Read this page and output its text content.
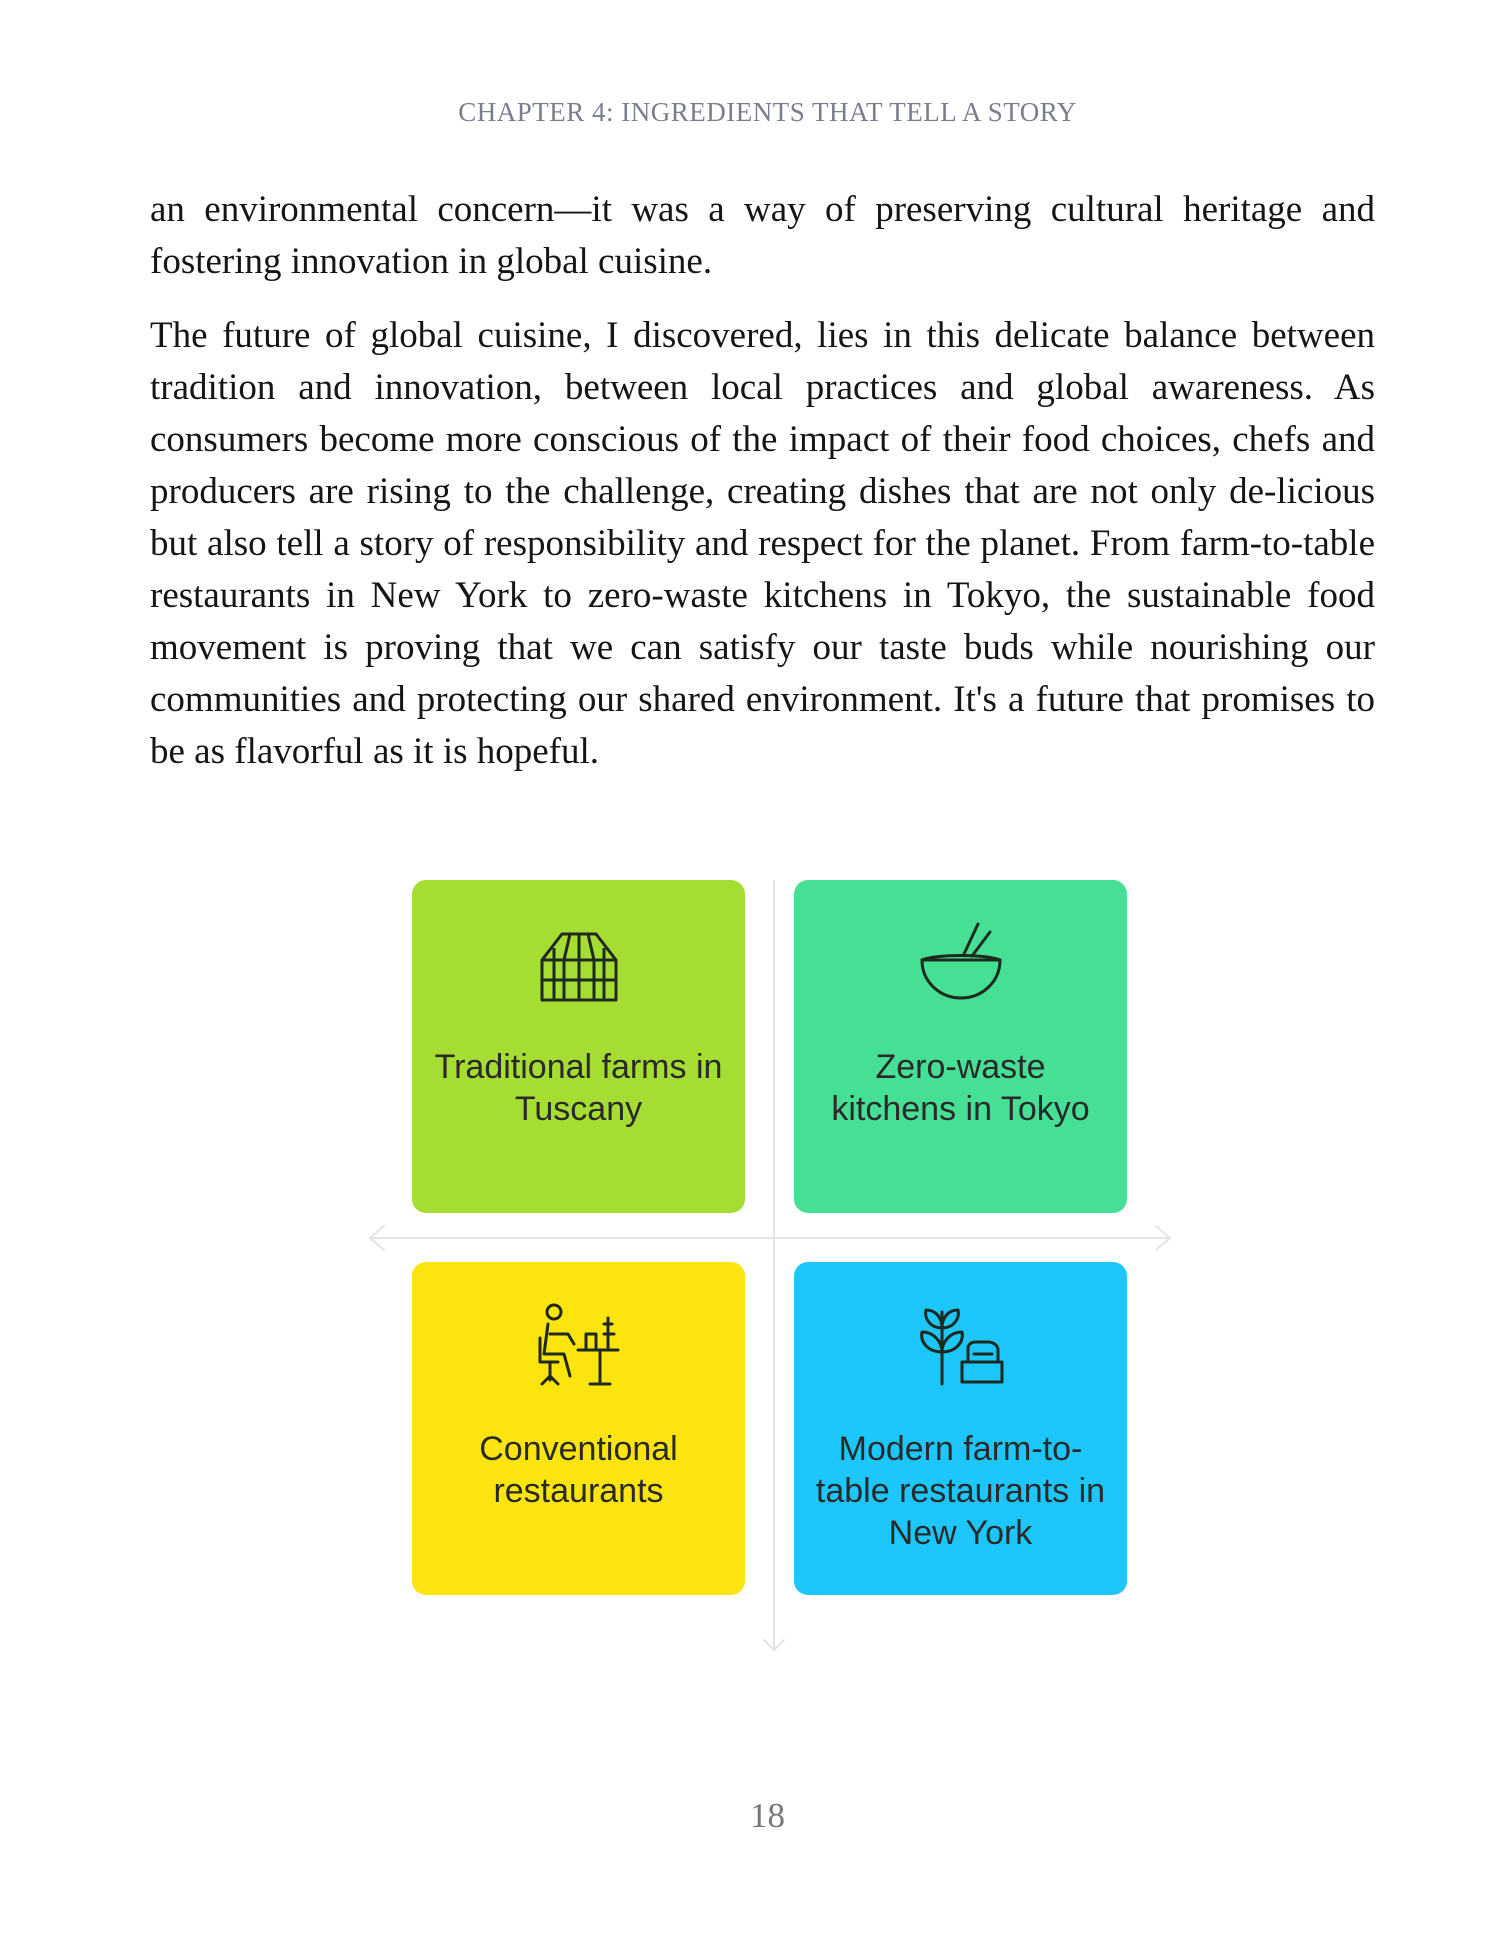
CHAPTER 4: INGREDIENTS THAT TELL A STORY

an environmental concern—it was a way of preserving cultural heritage and fostering innovation in global cuisine.

The future of global cuisine, I discovered, lies in this delicate balance between tradition and innovation, between local practices and global awareness. As consumers become more conscious of the impact of their food choices, chefs and producers are rising to the challenge, creating dishes that are not only de-licious but also tell a story of responsibility and respect for the planet. From farm-to-table restaurants in New York to zero-waste kitchens in Tokyo, the sustainable food movement is proving that we can satisfy our taste buds while nourishing our communities and protecting our shared environment. It's a future that promises to be as flavorful as it is hopeful.

Traditional farms in Tuscany
Zero-waste kitchens in Tokyo
Conventional restaurants
Modern farm-to-table restaurants in New York
18
